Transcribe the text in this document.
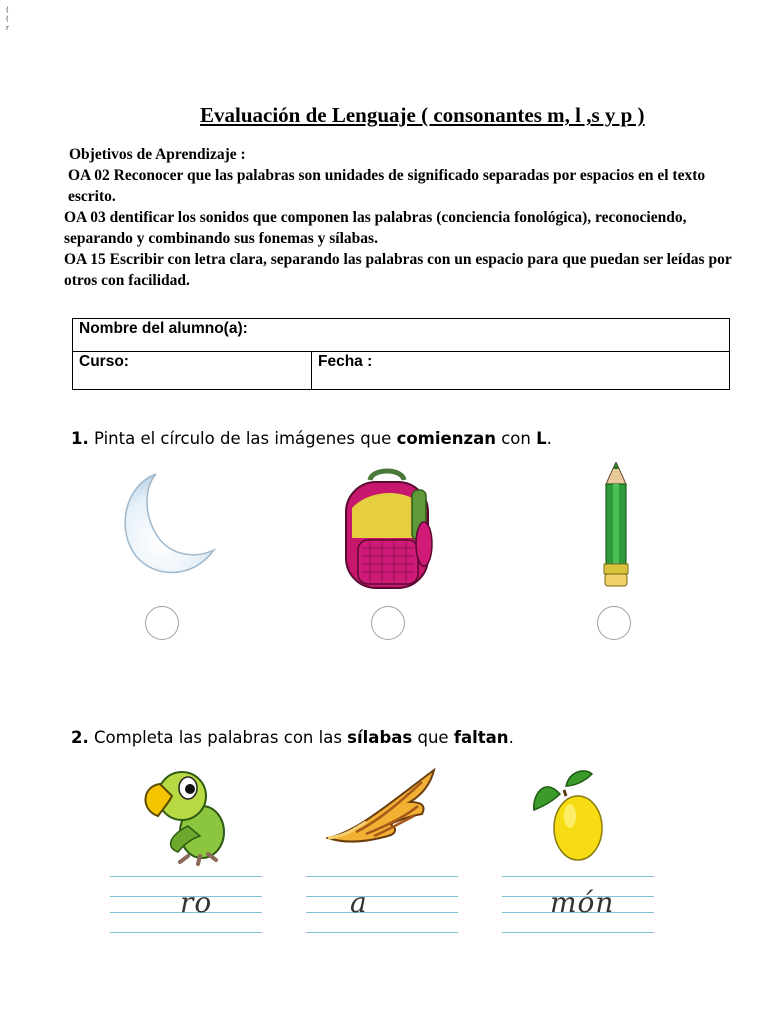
(
(
r
Evaluación de Lenguaje ( consonantes m, l ,s y p )

Objetivos de Aprendizaje :

OA 02 Reconocer que las palabras son unidades de significado separadas por espacios en el texto escrito.

OA 03 dentificar los sonidos que componen las palabras (conciencia fonológica), reconociendo, separando y combinando sus fonemas y sílabas.

OA 15 Escribir con letra clara, separando las palabras con un espacio para que puedan ser leídas por otros con facilidad.

Nombre del alumno(a):
Curso:	Fecha :
1. Pinta el círculo de las imágenes que comienzan con L.
2. Completa las palabras con las sílabas que faltan.
ro	a	món
